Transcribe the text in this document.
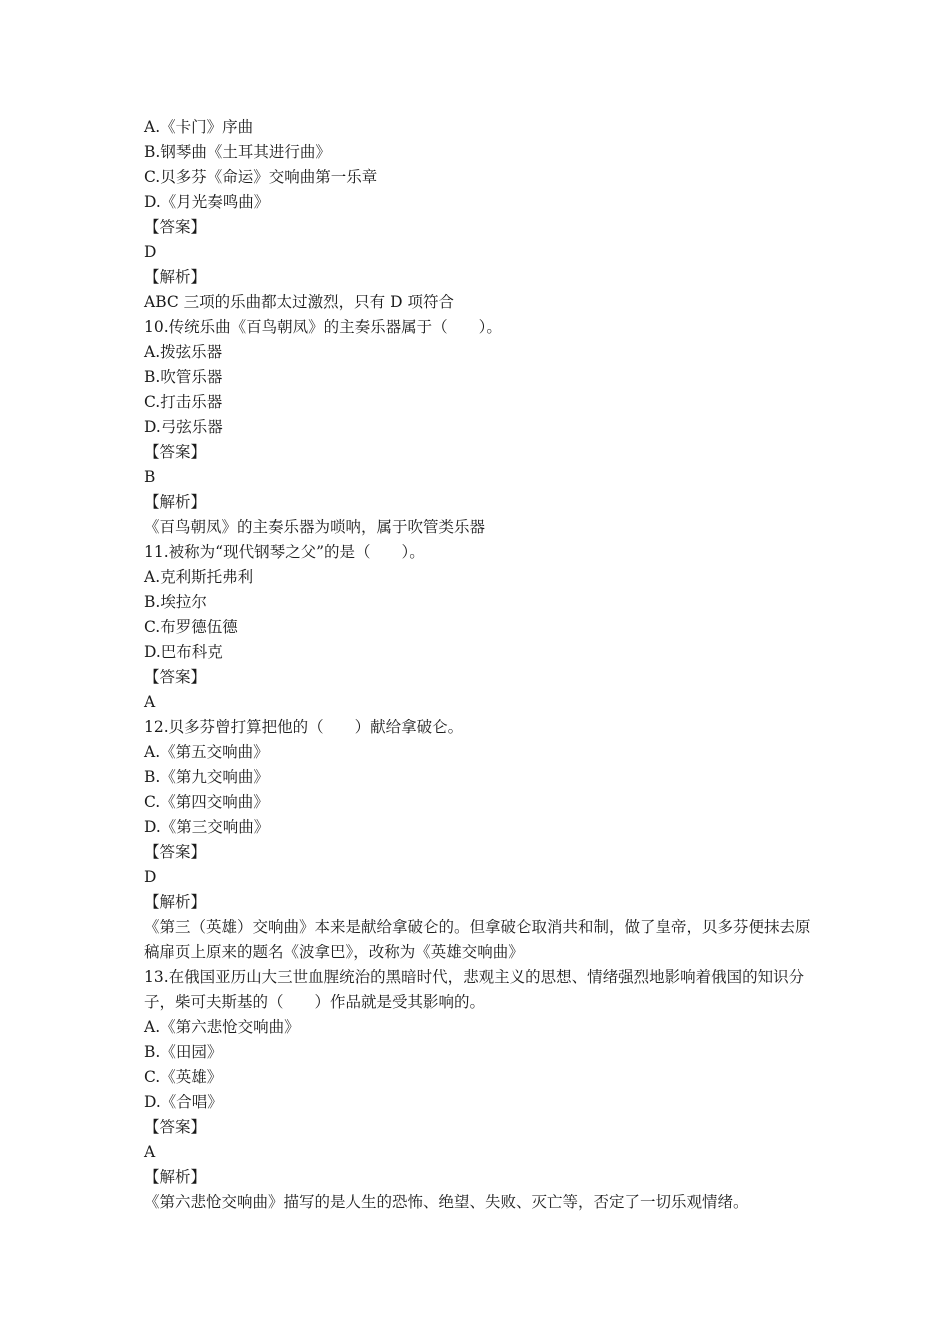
A.《卡门》序曲
B.钢琴曲《土耳其进行曲》
C.贝多芬《命运》交响曲第一乐章
D.《月光奏鸣曲》
【答案】
D
【解析】
ABC 三项的乐曲都太过激烈，只有 D 项符合
10.传统乐曲《百鸟朝凤》的主奏乐器属于（　　）。
A.拨弦乐器
B.吹管乐器
C.打击乐器
D.弓弦乐器
【答案】
B
【解析】
《百鸟朝凤》的主奏乐器为唢呐，属于吹管类乐器
11.被称为“现代钢琴之父”的是（　　）。
A.克利斯托弗利
B.埃拉尔
C.布罗德伍德
D.巴布科克
【答案】
A
12.贝多芬曾打算把他的（　　）献给拿破仑。
A.《第五交响曲》
B.《第九交响曲》
C.《第四交响曲》
D.《第三交响曲》
【答案】
D
【解析】
《第三（英雄）交响曲》本来是献给拿破仑的。但拿破仑取消共和制，做了皇帝，贝多芬便抹去原稿扉页上原来的题名《波拿巴》，改称为《英雄交响曲》
13.在俄国亚历山大三世血腥统治的黑暗时代，悲观主义的思想、情绪强烈地影响着俄国的知识分子，柴可夫斯基的（　　）作品就是受其影响的。
A.《第六悲怆交响曲》
B.《田园》
C.《英雄》
D.《合唱》
【答案】
A
【解析】
《第六悲怆交响曲》描写的是人生的恐怖、绝望、失败、灭亡等，否定了一切乐观情绪。
